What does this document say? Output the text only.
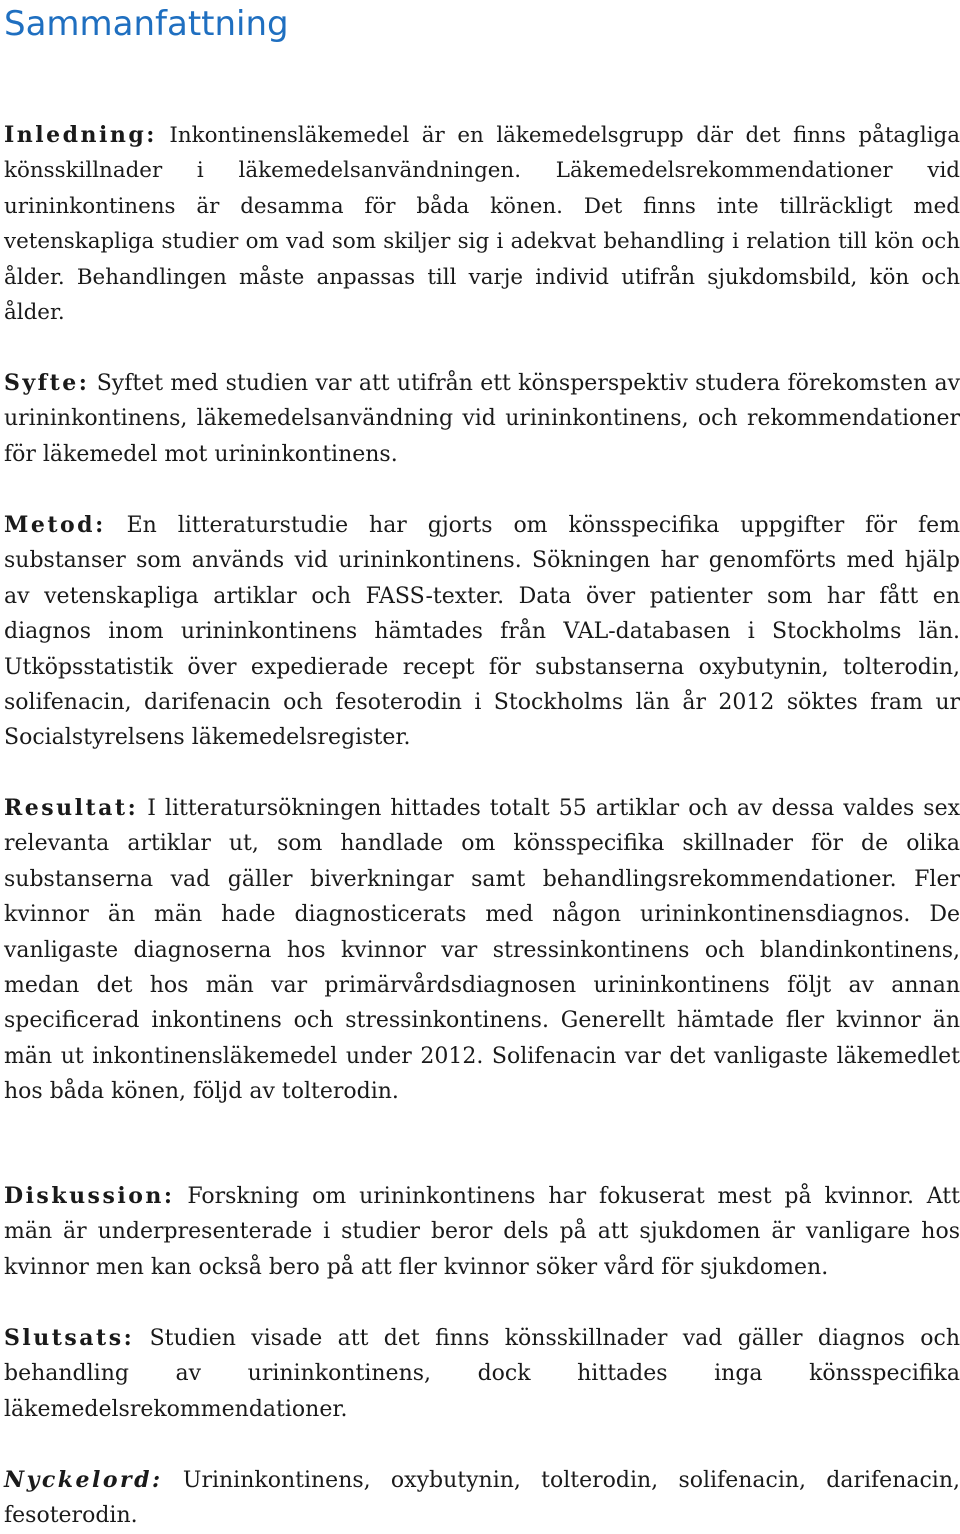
Sammanfattning

Inledning: Inkontinensläkemedel är en läkemedelsgrupp där det finns påtagliga könsskillnader i läkemedelsanvändningen. Läkemedelsrekommendationer vid urininkontinens är desamma för båda könen. Det finns inte tillräckligt med vetenskapliga studier om vad som skiljer sig i adekvat behandling i relation till kön och ålder. Behandlingen måste anpassas till varje individ utifrån sjukdomsbild, kön och ålder.

Syfte: Syftet med studien var att utifrån ett könsperspektiv studera förekomsten av urininkontinens, läkemedelsanvändning vid urininkontinens, och rekommendationer för läkemedel mot urininkontinens.

Metod: En litteraturstudie har gjorts om könsspecifika uppgifter för fem substanser som används vid urininkontinens. Sökningen har genomförts med hjälp av vetenskapliga artiklar och FASS-texter. Data över patienter som har fått en diagnos inom urininkontinens hämtades från VAL-databasen i Stockholms län. Utköpsstatistik över expedierade recept för substanserna oxybutynin, tolterodin, solifenacin, darifenacin och fesoterodin i Stockholms län år 2012 söktes fram ur Socialstyrelsens läkemedelsregister.

Resultat: I litteratursökningen hittades totalt 55 artiklar och av dessa valdes sex relevanta artiklar ut, som handlade om könsspecifika skillnader för de olika substanserna vad gäller biverkningar samt behandlingsrekommendationer. Fler kvinnor än män hade diagnosticerats med någon urininkontinensdiagnos. De vanligaste diagnoserna hos kvinnor var stressinkontinens och blandinkontinens, medan det hos män var primärvårdsdiagnosen urininkontinens följt av annan specificerad inkontinens och stressinkontinens. Generellt hämtade fler kvinnor än män ut inkontinensläkemedel under 2012. Solifenacin var det vanligaste läkemedlet hos båda könen, följd av tolterodin.

Diskussion: Forskning om urininkontinens har fokuserat mest på kvinnor. Att män är underpresenterade i studier beror dels på att sjukdomen är vanligare hos kvinnor men kan också bero på att fler kvinnor söker vård för sjukdomen.

Slutsats: Studien visade att det finns könsskillnader vad gäller diagnos och behandling av urininkontinens, dock hittades inga könsspecifika läkemedelsrekommendationer.

Nyckelord: Urininkontinens, oxybutynin, tolterodin, solifenacin, darifenacin, fesoterodin.
